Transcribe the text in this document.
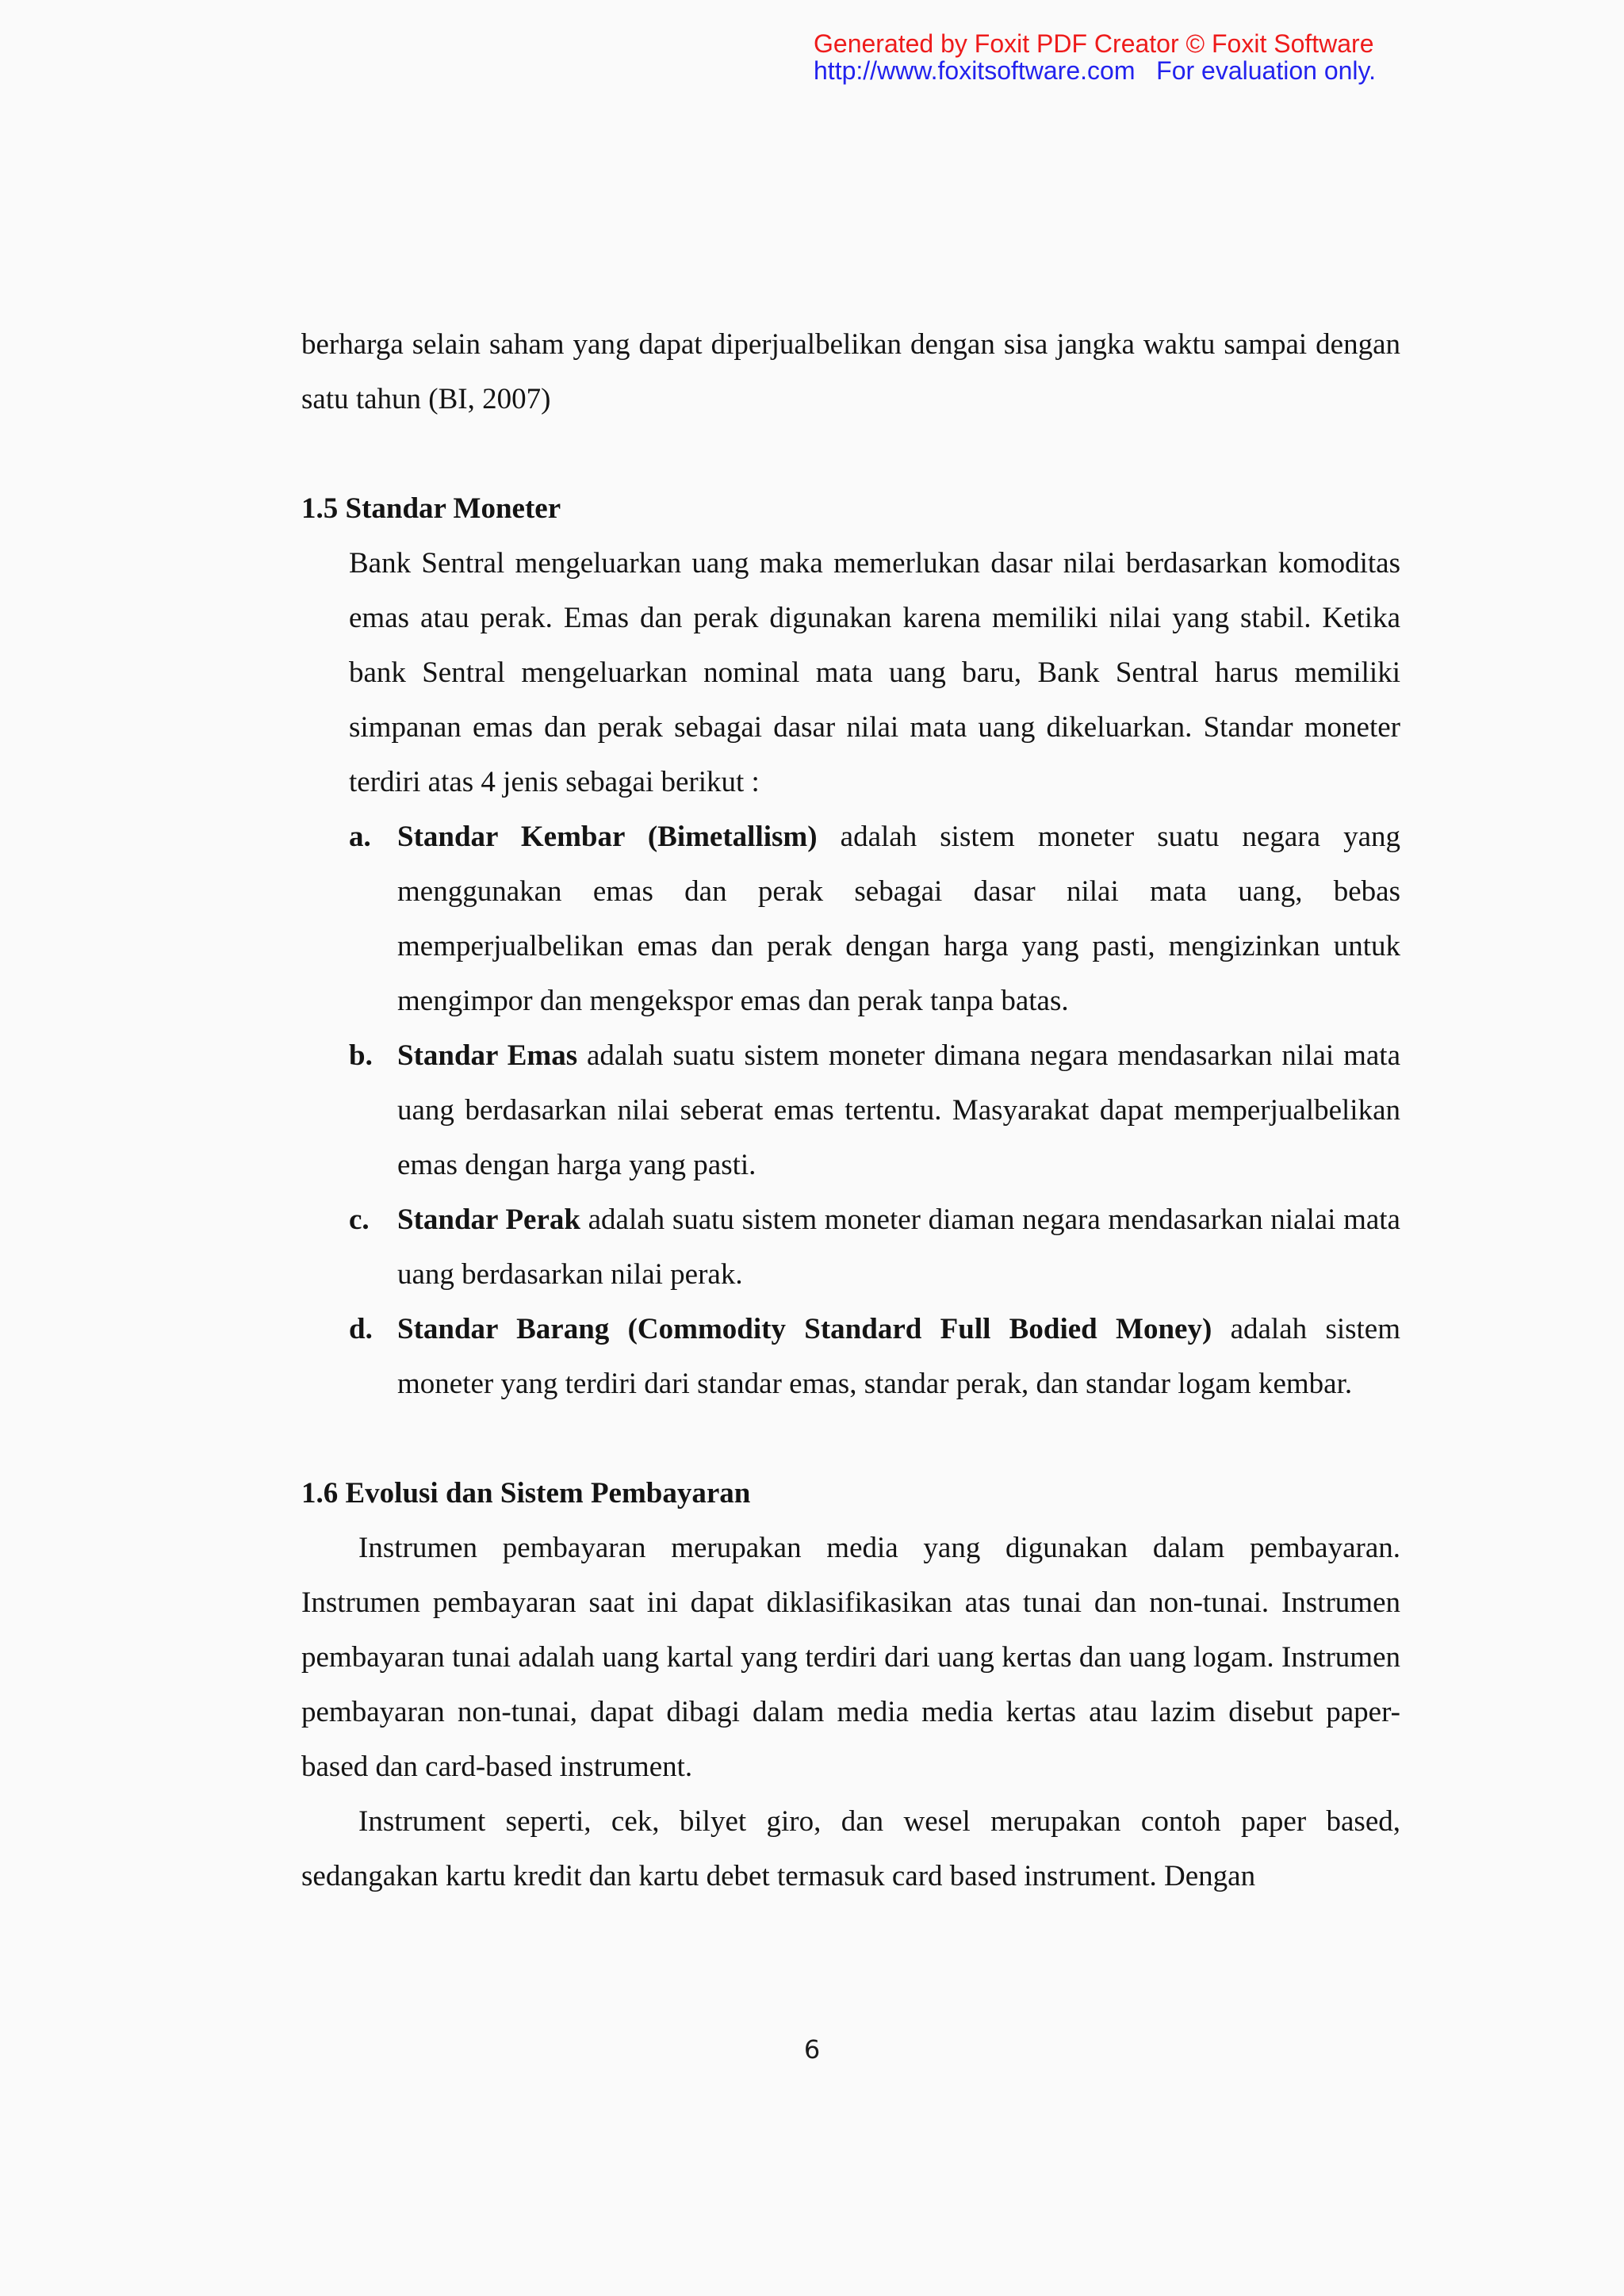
Generated by Foxit PDF Creator © Foxit Software
http://www.foxitsoftware.com For evaluation only.

berharga selain saham yang dapat diperjualbelikan dengan sisa jangka waktu sampai dengan satu tahun (BI, 2007)

1.5 Standar Moneter

Bank Sentral mengeluarkan uang maka memerlukan dasar nilai berdasarkan komoditas emas atau perak. Emas dan perak digunakan karena memiliki nilai yang stabil. Ketika bank Sentral mengeluarkan nominal mata uang baru, Bank Sentral harus memiliki simpanan emas dan perak sebagai dasar nilai mata uang dikeluarkan. Standar moneter terdiri atas 4 jenis sebagai berikut :

a. Standar Kembar (Bimetallism) adalah sistem moneter suatu negara yang menggunakan emas dan perak sebagai dasar nilai mata uang, bebas memperjualbelikan emas dan perak dengan harga yang pasti, mengizinkan untuk mengimpor dan mengekspor emas dan perak tanpa batas.
b. Standar Emas adalah suatu sistem moneter dimana negara mendasarkan nilai mata uang berdasarkan nilai seberat emas tertentu. Masyarakat dapat memperjualbelikan emas dengan harga yang pasti.
c. Standar Perak adalah suatu sistem moneter diaman negara mendasarkan nialai mata uang berdasarkan nilai perak.
d. Standar Barang (Commodity Standard Full Bodied Money) adalah sistem moneter yang terdiri dari standar emas, standar perak, dan standar logam kembar.
1.6 Evolusi dan Sistem Pembayaran

Instrumen pembayaran merupakan media yang digunakan dalam pembayaran. Instrumen pembayaran saat ini dapat diklasifikasikan atas tunai dan non-tunai. Instrumen pembayaran tunai adalah uang kartal yang terdiri dari uang kertas dan uang logam. Instrumen pembayaran non-tunai, dapat dibagi dalam media media kertas atau lazim disebut paper-based dan card-based instrument.

Instrument seperti, cek, bilyet giro, dan wesel merupakan contoh paper based, sedangakan kartu kredit dan kartu debet termasuk card based instrument. Dengan

6
